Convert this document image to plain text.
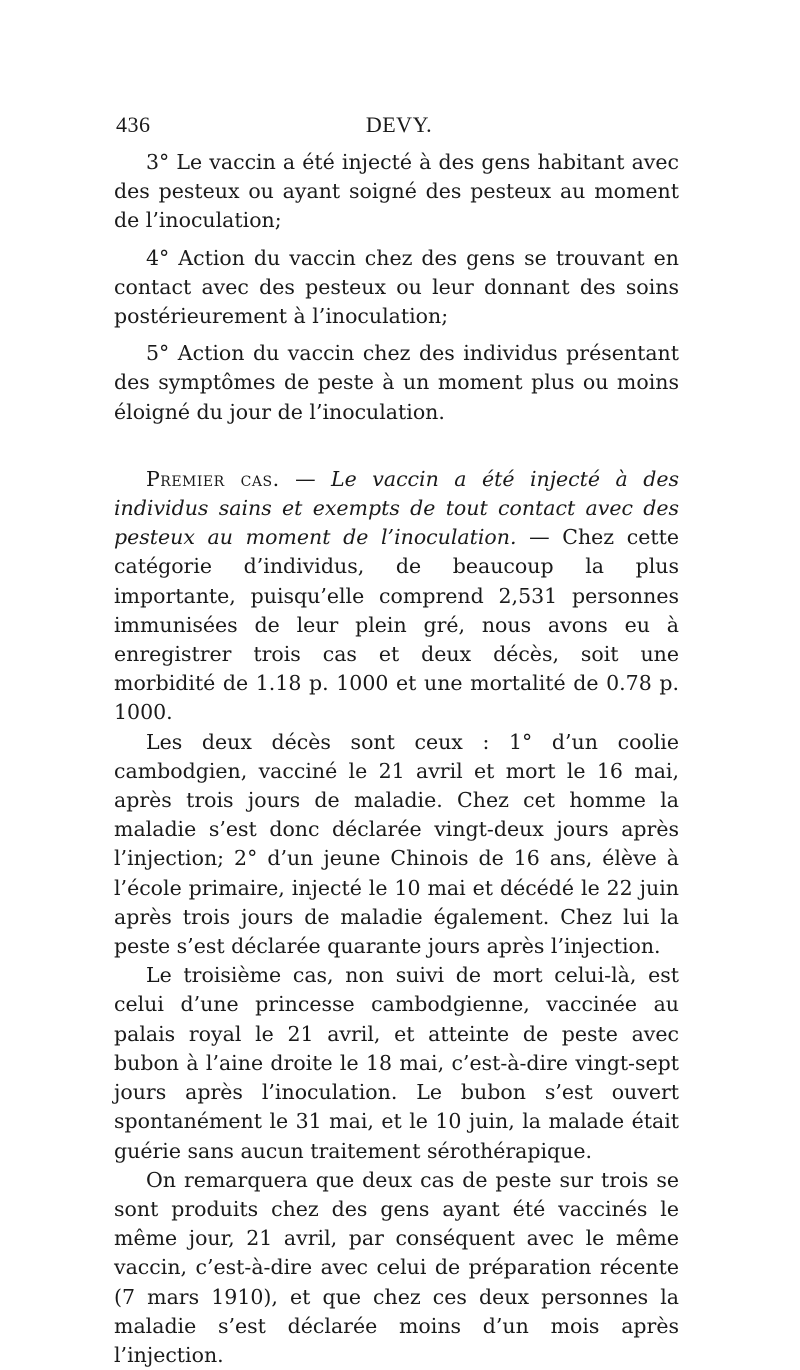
436	DEVY.

3° Le vaccin a été injecté à des gens habitant avec des pesteux ou ayant soigné des pesteux au moment de l’inoculation;

4° Action du vaccin chez des gens se trouvant en contact avec des pesteux ou leur donnant des soins postérieurement à l’inoculation;

5° Action du vaccin chez des individus présentant des symptômes de peste à un moment plus ou moins éloigné du jour de l’inoculation.

Premier cas. — Le vaccin a été injecté à des individus sains et exempts de tout contact avec des pesteux au moment de l’inoculation. — Chez cette catégorie d’individus, de beaucoup la plus importante, puisqu’elle comprend 2,531 personnes immunisées de leur plein gré, nous avons eu à enregistrer trois cas et deux décès, soit une morbidité de 1.18 p. 1000 et une mortalité de 0.78 p. 1000.

Les deux décès sont ceux : 1° d’un coolie cambodgien, vacciné le 21 avril et mort le 16 mai, après trois jours de maladie. Chez cet homme la maladie s’est donc déclarée vingt-deux jours après l’injection; 2° d’un jeune Chinois de 16 ans, élève à l’école primaire, injecté le 10 mai et décédé le 22 juin après trois jours de maladie également. Chez lui la peste s’est déclarée quarante jours après l’injection.

Le troisième cas, non suivi de mort celui-là, est celui d’une princesse cambodgienne, vaccinée au palais royal le 21 avril, et atteinte de peste avec bubon à l’aine droite le 18 mai, c’est-à-dire vingt-sept jours après l’inoculation. Le bubon s’est ouvert spontanément le 31 mai, et le 10 juin, la malade était guérie sans aucun traitement sérothérapique.

On remarquera que deux cas de peste sur trois se sont produits chez des gens ayant été vaccinés le même jour, 21 avril, par conséquent avec le même vaccin, c’est-à-dire avec celui de préparation récente (7 mars 1910), et que chez ces deux personnes la maladie s’est déclarée moins d’un mois après l’injection.
